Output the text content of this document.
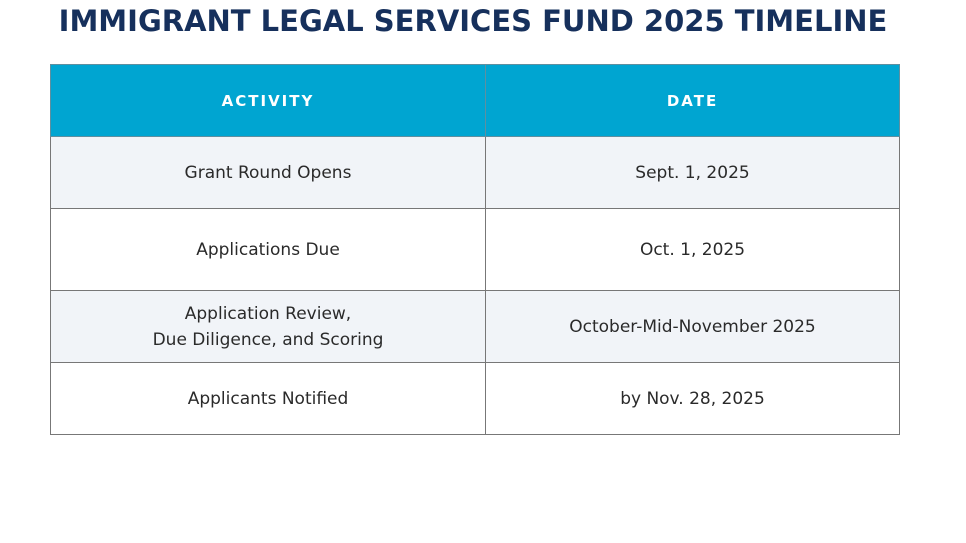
IMMIGRANT LEGAL SERVICES FUND 2025 TIMELINE
ACTIVITY	DATE

Grant Round Opens	Sept. 1, 2025

Applications Due	Oct. 1, 2025

Application Review,
Due Diligence, and Scoring	October-Mid-November 2025

Applicants Notified	by Nov. 28, 2025
